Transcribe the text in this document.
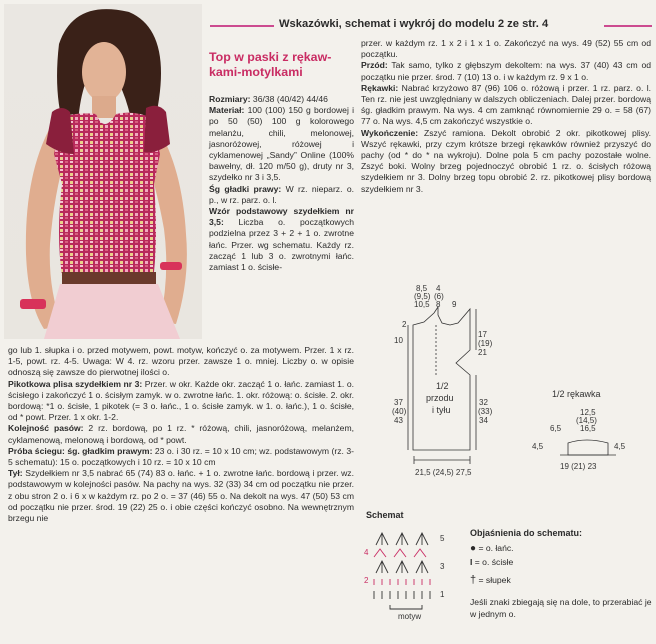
Wskazówki, schemat i wykrój do modelu 2 ze str. 4
Top w paski z rękaw-kami-motylkami

Rozmiary: 36/38 (40/42) 44/46

Materiał: 100 (100) 150 g bordowej i po 50 (50) 100 g kolorowego melanżu, chili, melonowej, jasnoróżowej, różowej i cyklamenowej „Sandy” Online (100% bawełny, dł. 120 m/50 g), druty nr 3, szydełko nr 3 i 3,5.

Śg gładki prawy: W rz. nieparz. o. p., w rz. parz. o. l.

Wzór podstawowy szydełkiem nr 3,5: Liczba o. początkowych podzielna przez 3 + 2 + 1 o. zwrotne łańc. Przer. wg schematu. Każdy rz. zacząć 1 lub 3 o. zwrotnymi łańc. zamiast 1 o. ścisłe-

go lub 1. słupka i o. przed motywem, powt. motyw, kończyć o. za motywem. Przer. 1 x rz. 1-5, powt. rz. 4-5. Uwaga: W 4. rz. wzoru przer. zawsze 1 o. mniej. Liczby o. w opisie odnoszą się zawsze do pierwotnej ilości o.

Pikotkowa plisa szydełkiem nr 3: Przer. w okr. Każde okr. zacząć 1 o. łańc. zamiast 1. o. ścisłego i zakończyć 1 o. ścisłym zamyk. w o. zwrotne łańc. 1. okr. różową: o. ścisłe. 2. okr. bordową: *1 o. ścisłe, 1 pikotek (= 3 o. łańc., 1 o. ścisłe zamyk. w 1. o. łańc.), 1 o. ścisłe, od * powt. Przer. 1 x okr. 1-2.

Kolejność pasów: 2 rz. bordową, po 1 rz. * różową, chili, jasnoróżową, melanżem, cyklamenową, melonową i bordową, od * powt.

Próba ściegu: śg. gładkim prawym: 23 o. i 30 rz. = 10 x 10 cm; wz. podstawowym (rz. 3-5 schematu): 15 o. początkowych i 10 rz. = 10 x 10 cm

Tył: Szydełkiem nr 3,5 nabrać 65 (74) 83 o. łańc. + 1 o. zwrotne łańc. bordową i przer. wz. podstawowym w kolejności pasów. Na pachy na wys. 32 (33) 34 cm od początku nie przer. z obu stron 2 o. i 6 x w każdym rz. po 2 o. = 37 (46) 55 o. Na dekolt na wys. 47 (50) 53 cm od początku nie przer. środ. 19 (22) 25 o. i obie części kończyć osobno. Na wewnętrznym brzegu nie

przer. w każdym rz. 1 x 2 i 1 x 1 o. Zakończyć na wys. 49 (52) 55 cm od początku.

Przód: Tak samo, tylko z głębszym dekoltem: na wys. 37 (40) 43 cm od początku nie przer. środ. 7 (10) 13 o. i w każdym rz. 9 x 1 o.

Rękawki: Nabrać krzyżowo 87 (96) 106 o. różową i przer. 1 rz. parz. o. l. Ten rz. nie jest uwzględniany w dalszych obliczeniach. Dalej przer. bordową śg. gładkim prawym. Na wys. 4 cm zamknąć równomiernie 29 o. = 58 (67) 77 o. Na wys. 4,5 cm zakończyć wszystkie o.

Wykończenie: Zszyć ramiona. Dekolt obrobić 2 okr. pikotkowej plisy. Wszyć rękawki, przy czym krótsze brzegi rękawków również przyszyć do pachy (od * do * na wykroju). Dolne pola 5 cm pachy pozostałe wolne. Zszyć boki. Wolny brzeg pojednoczyć obrobić 1 rz. o. ścisłych różową szydełkiem nr 3. Dolny brzeg topu obrobić 2. rz. pikotkowej plisy bordową szydełkiem nr 3.

2
10
17
(19)
21
37
(40)
43
32
(33)
34
8,5 4
(9,5) (6)
10,5 8 9
1/2
przodu
i tyłu
21,5 (24,5) 27,5
1/2 rękawka
12,5
(14,5)
6,5 16,5
4,5	4,5
19 (21) 23
Schemat
5
4
3
2
1
motyw
Objaśnienia do schematu:
● = o. łańc.
I = o. ścisłe
† = słupek
Jeśli znaki zbiegają się na dole, to przerabiać je w jednym o.
